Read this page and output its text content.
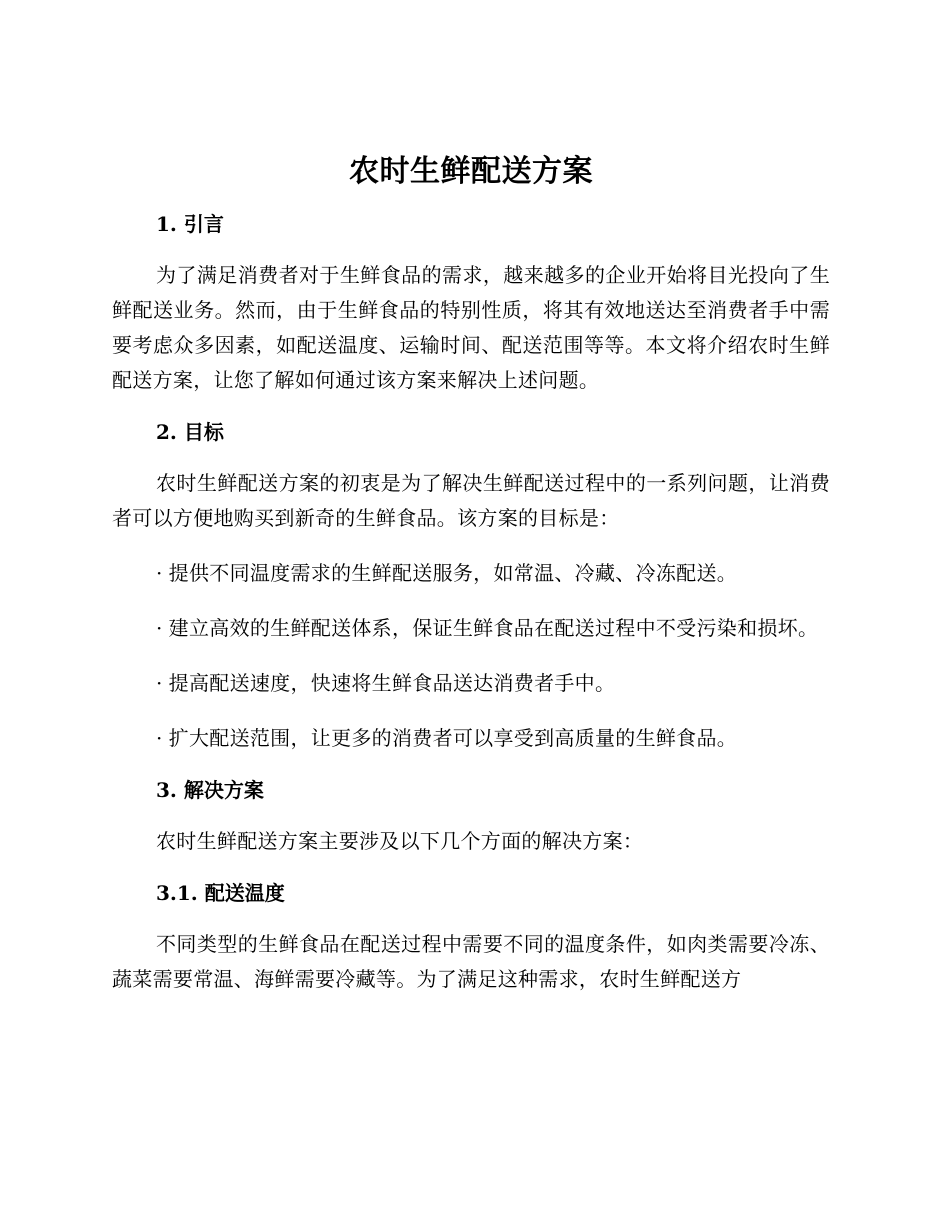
农时生鲜配送方案
1. 引言

为了满足消费者对于生鲜食品的需求，越来越多的企业开始将目光投向了生鲜配送业务。然而，由于生鲜食品的特别性质，将其有效地送达至消费者手中需要考虑众多因素，如配送温度、运输时间、配送范围等等。本文将介绍农时生鲜配送方案，让您了解如何通过该方案来解决上述问题。

2. 目标

农时生鲜配送方案的初衷是为了解决生鲜配送过程中的一系列问题，让消费者可以方便地购买到新奇的生鲜食品。该方案的目标是：

· 提供不同温度需求的生鲜配送服务，如常温、冷藏、冷冻配送。
· 建立高效的生鲜配送体系，保证生鲜食品在配送过程中不受污染和损坏。
· 提高配送速度，快速将生鲜食品送达消费者手中。
· 扩大配送范围，让更多的消费者可以享受到高质量的生鲜食品。
3. 解决方案

农时生鲜配送方案主要涉及以下几个方面的解决方案：

3.1. 配送温度

不同类型的生鲜食品在配送过程中需要不同的温度条件，如肉类需要冷冻、蔬菜需要常温、海鲜需要冷藏等。为了满足这种需求，农时生鲜配送方
